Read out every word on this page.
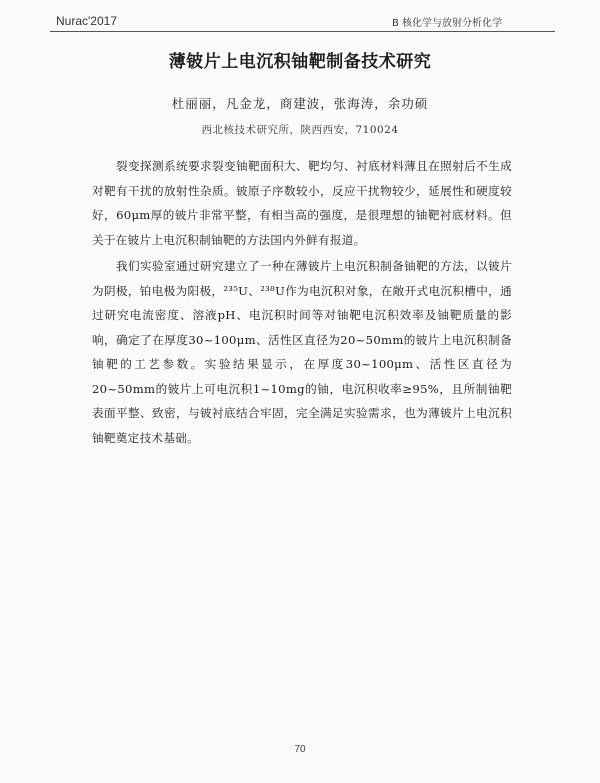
Nurac'2017	B 核化学与放射分析化学
薄铍片上电沉积铀靶制备技术研究
杜丽丽，凡金龙，商建波，张海涛，余功硕
西北核技术研究所，陕西西安，710024

裂变探测系统要求裂变铀靶面积大、靶均匀、衬底材料薄且在照射后不生成对靶有干扰的放射性杂质。铍原子序数较小，反应干扰物较少，延展性和硬度较好，60μm厚的铍片非常平整，有相当高的强度，是很理想的铀靶衬底材料。但关于在铍片上电沉积制铀靶的方法国内外鲜有报道。

我们实验室通过研究建立了一种在薄铍片上电沉积制备铀靶的方法，以铍片为阴极，铂电极为阳极，²³⁵U、²³⁸U作为电沉积对象，在敞开式电沉积槽中，通过研究电流密度、溶液pH、电沉积时间等对铀靶电沉积效率及铀靶质量的影响，确定了在厚度30~100μm、活性区直径为20~50mm的铍片上电沉积制备铀靶的工艺参数。实验结果显示，在厚度30~100μm、活性区直径为20~50mm的铍片上可电沉积1~10mg的铀，电沉积收率≥95%，且所制铀靶表面平整、致密，与铍衬底结合牢固，完全满足实验需求，也为薄铍片上电沉积铀靶奠定技术基础。

70
